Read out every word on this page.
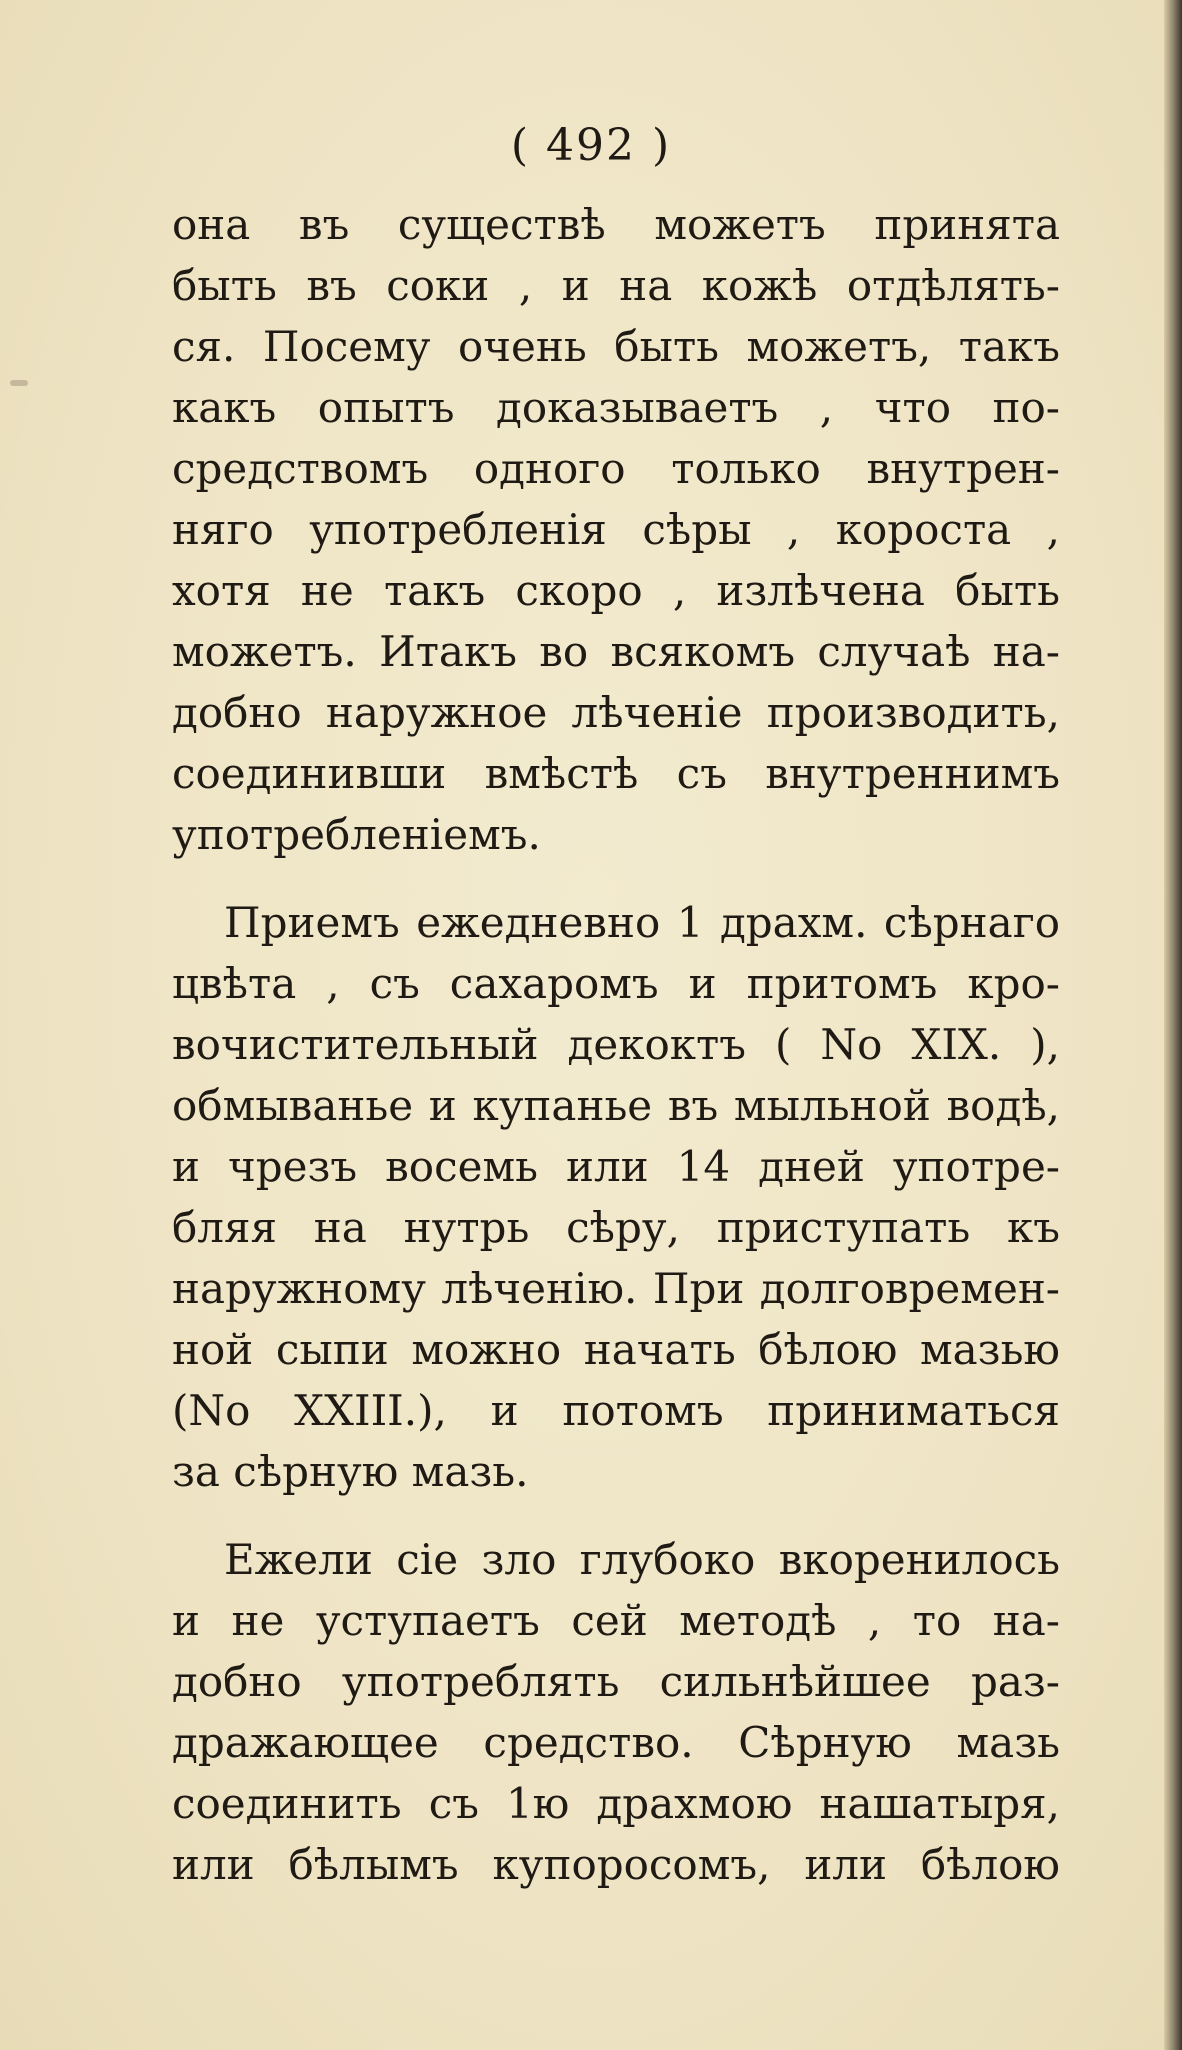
( 492 )
она въ существѣ можетъ принята
быть въ соки , и на кожѣ отдѣлять-
ся. Посему очень быть можетъ, такъ
какъ опытъ доказываетъ , что по-
средствомъ одного только внутрен-
няго употребленія сѣры , короста ,
хотя не такъ скоро , излѣчена быть
можетъ. Итакъ во всякомъ случаѣ на-
добно наружное лѣченіе производить,
соединивши вмѣстѣ съ внутреннимъ
употребленіемъ.
Приемъ ежедневно 1 драхм. сѣрнаго
цвѣта , съ сахаромъ и притомъ кро-
вочистительный декоктъ ( No XIX. ),
обмыванье и купанье въ мыльной водѣ,
и чрезъ восемь или 14 дней употре-
бляя на нутрь сѣру, приступать къ
наружному лѣченію. При долговремен-
ной сыпи можно начать бѣлою мазью
(No XXIII.), и потомъ приниматься
за сѣрную мазь.
Ежели сіе зло глубоко вкоренилось
и не уступаетъ сей методѣ , то на-
добно употреблять сильнѣйшее раз-
дражающее средство. Сѣрную мазь
соединить съ 1ю драхмою нашатыря,
или бѣлымъ купоросомъ, или бѣлою
